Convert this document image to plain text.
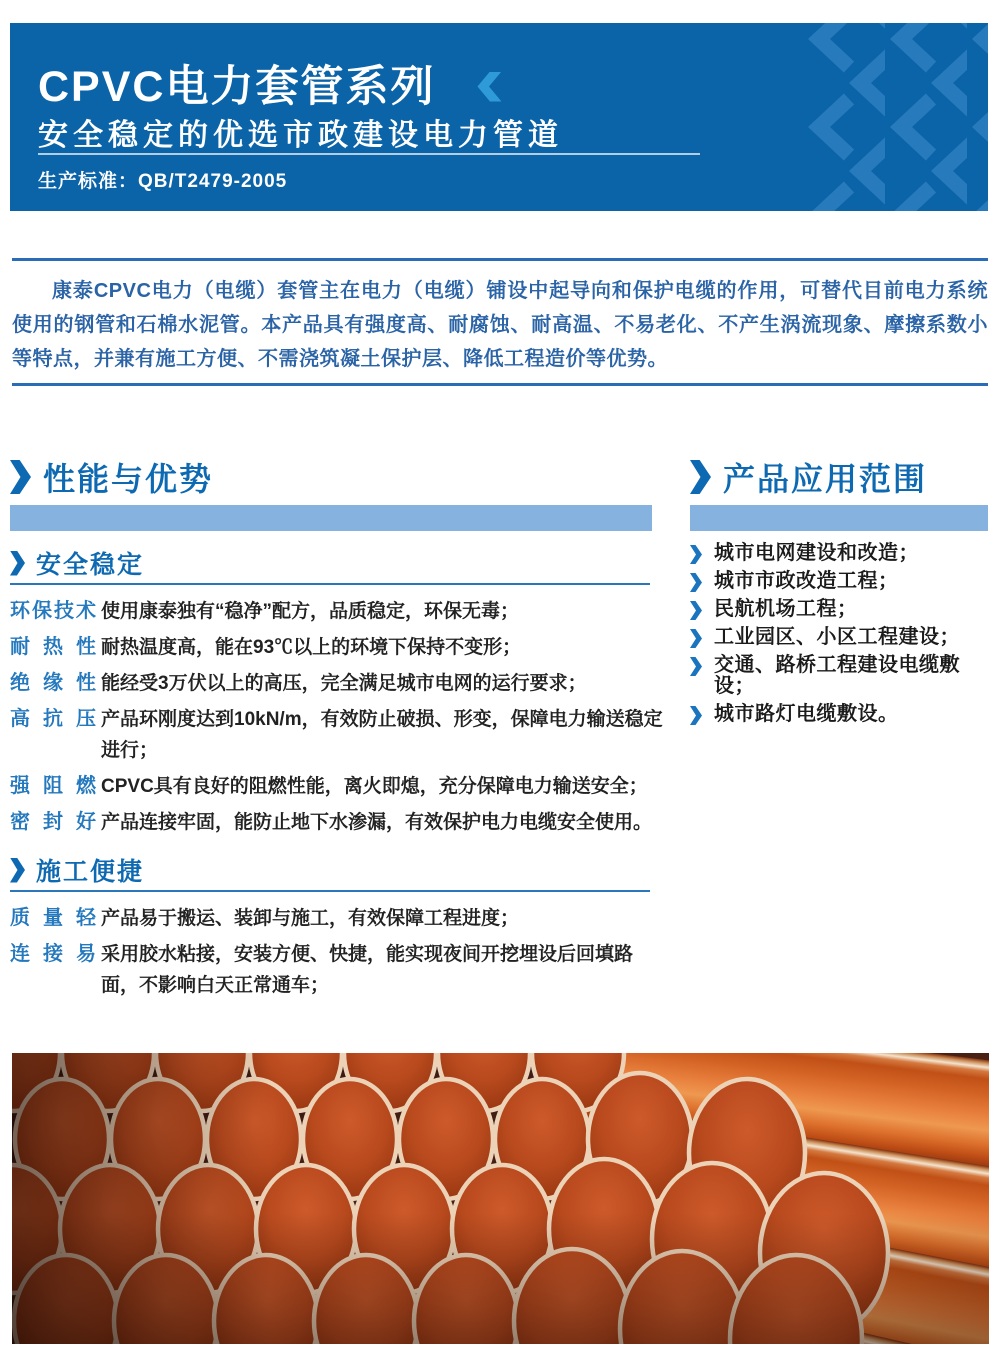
CPVC电力套管系列
安全稳定的优选市政建设电力管道
生产标准：QB/T2479-2005

康泰CPVC电力（电缆）套管主在电力（电缆）铺设中起导向和保护电缆的作用，可替代目前电力系统使用的钢管和石棉水泥管。本产品具有强度高、耐腐蚀、耐高温、不易老化、不产生涡流现象、摩擦系数小等特点，并兼有施工方便、不需浇筑凝土保护层、降低工程造价等优势。

性能与优势
安全稳定
环保技术 使用康泰独有“稳净”配方，品质稳定，环保无毒；
耐 热 性 耐热温度高，能在93℃以上的环境下保持不变形；
绝 缘 性 能经受3万伏以上的高压，完全满足城市电网的运行要求；
高 抗 压 产品环刚度达到10kN/m，有效防止破损、形变，保障电力输送稳定进行；
强 阻 燃 CPVC具有良好的阻燃性能，离火即熄，充分保障电力输送安全；
密 封 好 产品连接牢固，能防止地下水渗漏，有效保护电力电缆安全使用。
施工便捷
质 量 轻 产品易于搬运、装卸与施工，有效保障工程进度；
连 接 易 采用胶水粘接，安装方便、快捷，能实现夜间开挖埋设后回填路面，不影响白天正常通车；
产品应用范围
城市电网建设和改造；
城市市政改造工程；
民航机场工程；
工业园区、小区工程建设；
交通、路桥工程建设电缆敷设；
城市路灯电缆敷设。
